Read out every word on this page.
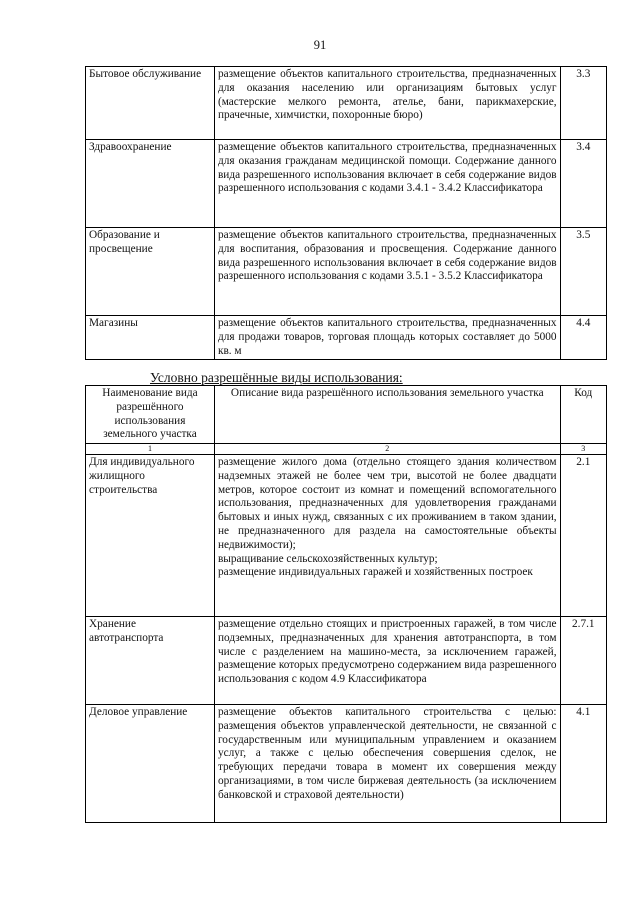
91
Бытовое обслуживание	размещение объектов капитального строительства, предназначенных для оказания населению или организациям бытовых услуг (мастерские мелкого ремонта, ателье, бани, парикмахерские, прачечные, химчистки, похоронные бюро)	3.3
Здравоохранение	размещение объектов капитального строительства, предназначенных для оказания гражданам медицинской помощи. Содержание данного вида разрешенного использования включает в себя содержание видов разрешенного использования с кодами 3.4.1 - 3.4.2 Классификатора	3.4
Образование и просвещение	размещение объектов капитального строительства, предназначенных для воспитания, образования и просвещения. Содержание данного вида разрешенного использования включает в себя содержание видов разрешенного использования с кодами 3.5.1 - 3.5.2 Классификатора	3.5
Магазины	размещение объектов капитального строительства, предназначенных для продажи товаров, торговая площадь которых составляет до 5000 кв. м	4.4
Условно разрешённые виды использования:
Наименование вида разрешённого использования земельного участка	Описание вида разрешённого использования земельного участка	Код
1	2	3
Для индивидуального жилищного строительства	размещение жилого дома (отдельно стоящего здания количеством надземных этажей не более чем три, высотой не более двадцати метров, которое состоит из комнат и помещений вспомогательного использования, предназначенных для удовлетворения гражданами бытовых и иных нужд, связанных с их проживанием в таком здании, не предназначенного для раздела на самостоятельные объекты недвижимости);
выращивание сельскохозяйственных культур;
размещение индивидуальных гаражей и хозяйственных построек	2.1
Хранение автотранспорта	размещение отдельно стоящих и пристроенных гаражей, в том числе подземных, предназначенных для хранения автотранспорта, в том числе с разделением на машино-места, за исключением гаражей, размещение которых предусмотрено содержанием вида разрешенного использования с кодом 4.9 Классификатора	2.7.1
Деловое управление	размещение объектов капитального строительства с целью: размещения объектов управленческой деятельности, не связанной с государственным или муниципальным управлением и оказанием услуг, а также с целью обеспечения совершения сделок, не требующих передачи товара в момент их совершения между организациями, в том числе биржевая деятельность (за исключением банковской и страховой деятельности)	4.1
